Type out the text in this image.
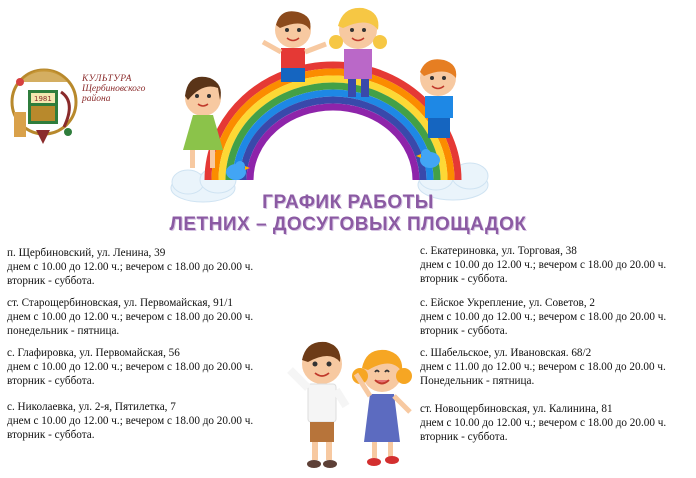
1981
КУЛЬТУРА
Щербиновского
района
ГРАФИК РАБОТЫ
ЛЕТНИХ – ДОСУГОВЫХ ПЛОЩАДОК
п. Щербиновский, ул. Ленина, 39
днем с 10.00 до 12.00 ч.; вечером с 18.00 до 20.00 ч.
вторник - суббота.
ст. Старощербиновская, ул. Первомайская, 91/1
днем с 10.00 до 12.00 ч.; вечером с 18.00 до 20.00 ч.
понедельник - пятница.
с. Глафировка, ул. Первомайская, 56
днем с 10.00 до 12.00 ч.; вечером с 18.00 до 20.00 ч.
вторник - суббота.
с. Николаевка, ул. 2-я, Пятилетка, 7
днем с 10.00 до 12.00 ч.; вечером с 18.00 до 20.00 ч.
вторник - суббота.
с. Екатериновка, ул. Торговая, 38
днем с 10.00 до 12.00 ч.; вечером с 18.00 до 20.00 ч.
вторник - суббота.
с. Ейское Укрепление, ул. Советов, 2
днем с 10.00 до 12.00 ч.; вечером с 18.00 до 20.00 ч.
вторник - суббота.
с. Шабельское, ул. Ивановская. 68/2
днем с 11.00 до 12.00 ч.; вечером с 18.00 до 20.00 ч.
Понедельник - пятница.
ст. Новощербиновская, ул. Калинина, 81
днем с 10.00 до 12.00 ч.; вечером с 18.00 до 20.00 ч.
вторник - суббота.
